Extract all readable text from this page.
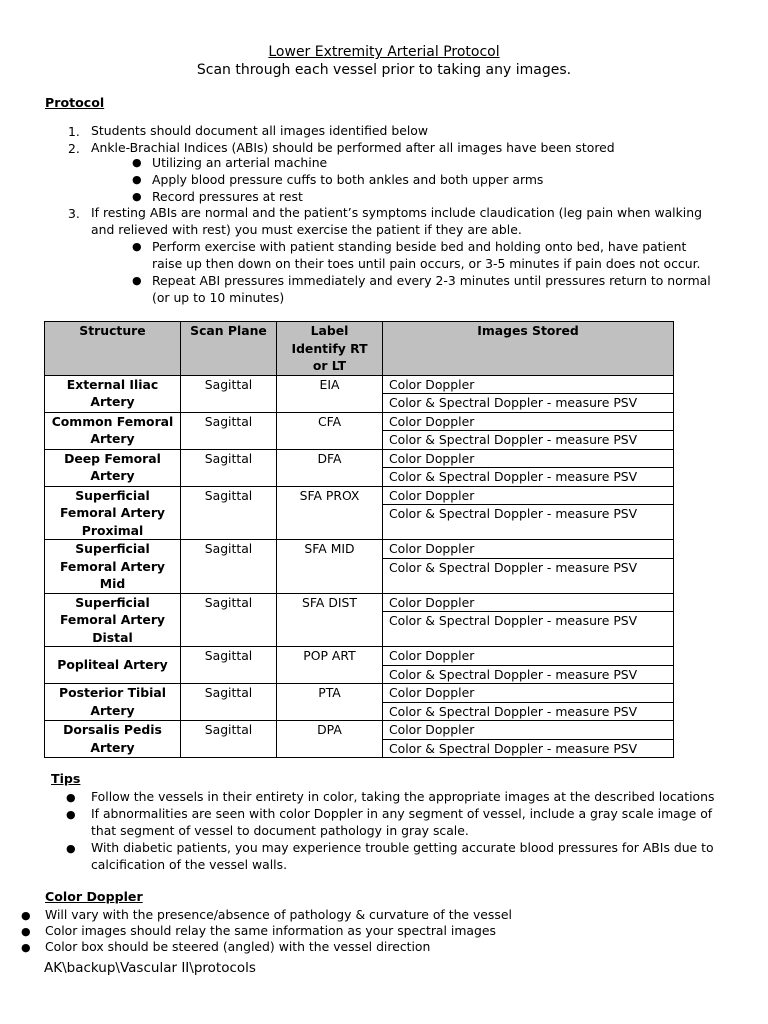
Lower Extremity Arterial Protocol
Scan through each vessel prior to taking any images.
Protocol
1. Students should document all images identified below
2. Ankle-Brachial Indices (ABIs) should be performed after all images have been stored
● Utilizing an arterial machine
● Apply blood pressure cuffs to both ankles and both upper arms
● Record pressures at rest
3. If resting ABIs are normal and the patient’s symptoms include claudication (leg pain when walking
and relieved with rest) you must exercise the patient if they are able.
● Perform exercise with patient standing beside bed and holding onto bed, have patient
raise up then down on their toes until pain occurs, or 3-5 minutes if pain does not occur.
● Repeat ABI pressures immediately and every 2-3 minutes until pressures return to normal
(or up to 10 minutes)
Structure	Scan Plane	Label Identify RT or LT	Images Stored
External Iliac Artery	Sagittal	EIA	Color Doppler
			Color & Spectral Doppler - measure PSV
Common Femoral Artery	Sagittal	CFA	Color Doppler
			Color & Spectral Doppler - measure PSV
Deep Femoral Artery	Sagittal	DFA	Color Doppler
			Color & Spectral Doppler - measure PSV
Superficial Femoral Artery Proximal	Sagittal	SFA PROX	Color Doppler
			Color & Spectral Doppler - measure PSV
Superficial Femoral Artery Mid	Sagittal	SFA MID	Color Doppler
			Color & Spectral Doppler - measure PSV
Superficial Femoral Artery Distal	Sagittal	SFA DIST	Color Doppler
			Color & Spectral Doppler - measure PSV
Popliteal Artery	Sagittal	POP ART	Color Doppler
			Color & Spectral Doppler - measure PSV
Posterior Tibial Artery	Sagittal	PTA	Color Doppler
			Color & Spectral Doppler - measure PSV
Dorsalis Pedis Artery	Sagittal	DPA	Color Doppler
			Color & Spectral Doppler - measure PSV
Tips
● Follow the vessels in their entirety in color, taking the appropriate images at the described locations
● If abnormalities are seen with color Doppler in any segment of vessel, include a gray scale image of
that segment of vessel to document pathology in gray scale.
● With diabetic patients, you may experience trouble getting accurate blood pressures for ABIs due to
calcification of the vessel walls.
Color Doppler
● Will vary with the presence/absence of pathology & curvature of the vessel
● Color images should relay the same information as your spectral images
● Color box should be steered (angled) with the vessel direction
AK\backup\Vascular II\protocols
